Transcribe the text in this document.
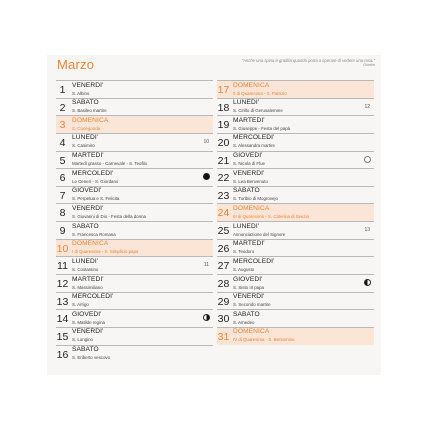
Marzo	"Anche una spina è gradita quando porta a sperare di vedere una rosa."
Goethe
1 VENERDI'
S. Albino
2 SABATO
S. Basileo martire
3 DOMENICA
S. Cunegonda
4 LUNEDI'
S. Casimiro
10
5 MARTEDI'
Martedì grasso - Carnevale - S. Teofilo
6 MERCOLEDI'
Le Ceneri - S. Giordano
7 GIOVEDI'
S. Perpetua e S. Felicita
8 VENERDI'
S. Giovanni di Dio - Festa della donna
9 SABATO
S. Francesca Romana
10 DOMENICA
I di Quaresima - S. Simplicio papa
11 LUNEDI'
S. Costantino
11
12 MARTEDI'
S. Massimiliano
13 MERCOLEDI'
S. Arrigo
14 GIOVEDI'
S. Matilde regina
15 VENERDI'
S. Longino
16 SABATO
S. Eriberto vescovo
17 DOMENICA
II di Quaresima - S. Patrizio
18 LUNEDI'
S. Cirillo di Gerusalemme
12
19 MARTEDI'
S. Giuseppe - Festa del papà
20 MERCOLEDI'
S. Alessandra martire
21 GIOVEDI'
S. Nicola di Flue
22 VENERDI'
S. Lea Benvenuto
23 SABATO
S. Turibio di Mogrovejo
24 DOMENICA
III di Quaresima - S. Caterina di Svezia
25 LUNEDI'
Annunciazione del Signore
13
26 MARTEDI'
S. Teodoro
27 MERCOLEDI'
S. Augusto
28 GIOVEDI'
S. Sisto III papa
29 VENERDI'
S. Secondo martire
30 SABATO
S. Amedeo
31 DOMENICA
IV di Quaresima - S. Beniamino
